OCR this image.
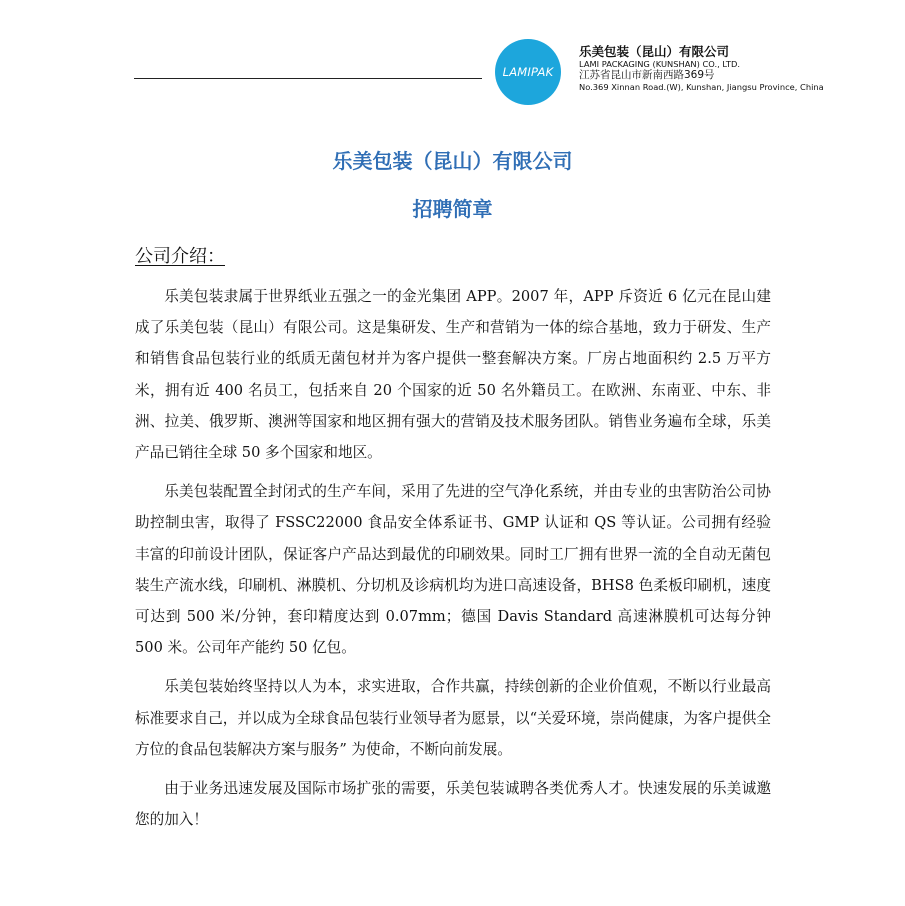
LAMIPAK
乐美包装（昆山）有限公司
LAMI PACKAGING (KUNSHAN) CO., LTD.
江苏省昆山市新南西路369号
No.369 Xinnan Road.(W), Kunshan, Jiangsu Province, China
乐美包装（昆山）有限公司
招聘简章
公司介绍：

乐美包装隶属于世界纸业五强之一的金光集团 APP。2007 年，APP 斥资近 6 亿元在昆山建成了乐美包装（昆山）有限公司。这是集研发、生产和营销为一体的综合基地，致力于研发、生产和销售食品包装行业的纸质无菌包材并为客户提供一整套解决方案。厂房占地面积约 2.5 万平方米，拥有近 400 名员工，包括来自 20 个国家的近 50 名外籍员工。在欧洲、东南亚、中东、非洲、拉美、俄罗斯、澳洲等国家和地区拥有强大的营销及技术服务团队。销售业务遍布全球，乐美产品已销往全球 50 多个国家和地区。

乐美包装配置全封闭式的生产车间，采用了先进的空气净化系统，并由专业的虫害防治公司协助控制虫害，取得了 FSSC22000 食品安全体系证书、GMP 认证和 QS 等认证。公司拥有经验丰富的印前设计团队，保证客户产品达到最优的印刷效果。同时工厂拥有世界一流的全自动无菌包装生产流水线，印刷机、淋膜机、分切机及诊病机均为进口高速设备，BHS8 色柔板印刷机，速度可达到 500 米/分钟，套印精度达到 0.07mm；德国 Davis Standard 高速淋膜机可达每分钟 500 米。公司年产能约 50 亿包。

乐美包装始终坚持以人为本，求实进取，合作共赢，持续创新的企业价值观，不断以行业最高标准要求自己，并以成为全球食品包装行业领导者为愿景，以“关爱环境，崇尚健康，为客户提供全方位的食品包装解决方案与服务” 为使命，不断向前发展。

由于业务迅速发展及国际市场扩张的需要，乐美包装诚聘各类优秀人才。快速发展的乐美诚邀您的加入！
